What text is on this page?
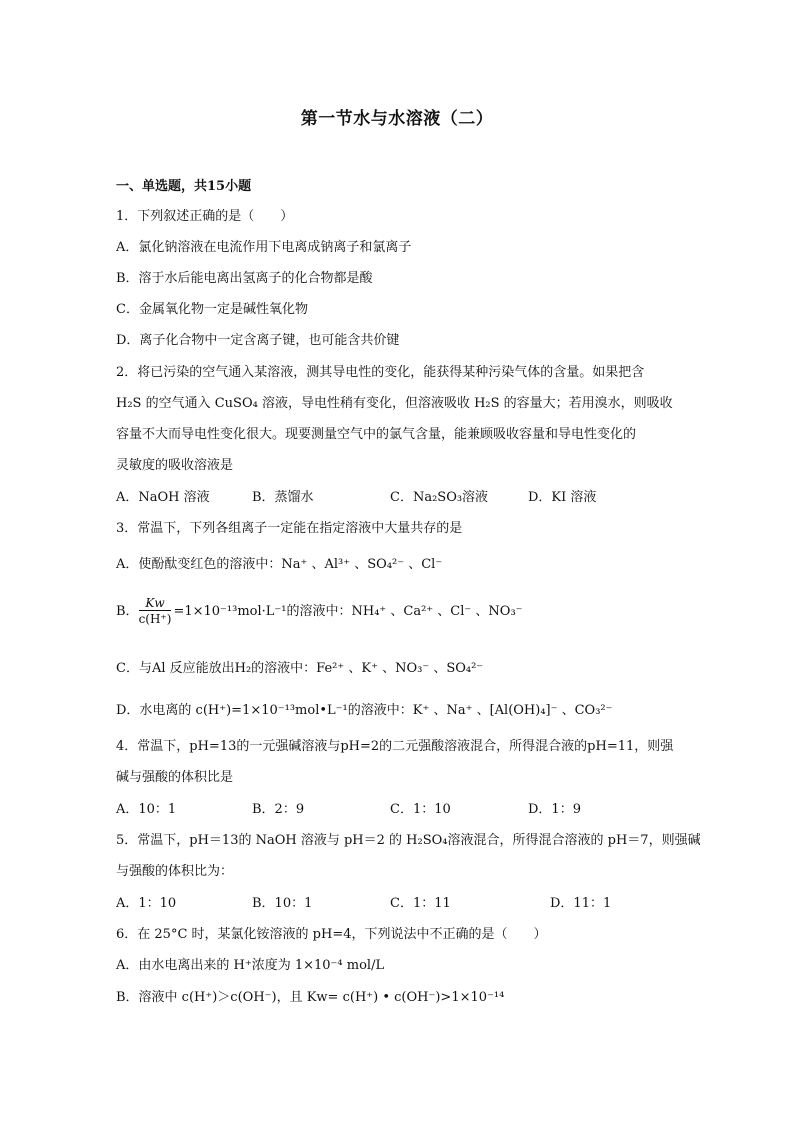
第一节水与水溶液（二）
一、单选题，共15小题
1．下列叙述正确的是（　　）
A．氯化钠溶液在电流作用下电离成钠离子和氯离子
B．溶于水后能电离出氢离子的化合物都是酸
C．金属氧化物一定是碱性氧化物
D．离子化合物中一定含离子键，也可能含共价键
2．将已污染的空气通入某溶液，测其导电性的变化，能获得某种污染气体的含量。如果把含
H₂S 的空气通入 CuSO₄ 溶液，导电性稍有变化，但溶液吸收 H₂S 的容量大；若用溴水，则吸收
容量不大而导电性变化很大。现要测量空气中的氯气含量，能兼顾吸收容量和导电性变化的
灵敏度的吸收溶液是
A．NaOH 溶液	B．蒸馏水	C．Na₂SO₃溶液	D．KI 溶液
3．常温下，下列各组离子一定能在指定溶液中大量共存的是
A．使酚酞变红色的溶液中：Na⁺ 、Al³⁺ 、SO₄²⁻ 、Cl⁻
B． $\frac{Kw}{c(H^+)} =1\times 10^{-13}mol\cdot L^{-1}$的溶液中：NH₄⁺ 、Ca²⁺ 、Cl⁻ 、NO₃⁻
C．与Al 反应能放出H₂的溶液中：Fe²⁺ 、K⁺ 、NO₃⁻ 、SO₄²⁻
D．水电离的 c(H⁺)=1×10⁻¹³mol•L⁻¹的溶液中：K⁺ 、Na⁺ 、[Al(OH)₄]⁻ 、CO₃²⁻
4．常温下，pH=13的一元强碱溶液与pH=2的二元强酸溶液混合，所得混合液的pH=11，则强
碱与强酸的体积比是
A．10：1	B．2：9	C．1：10	D．1：9
5．常温下，pH＝13的 NaOH 溶液与 pH＝2 的 H₂SO₄溶液混合，所得混合溶液的 pH＝7，则强碱
与强酸的体积比为：
A．1：10	B．10：1	C．1：11	D．11：1
6．在 25°C 时，某氯化铵溶液的 pH=4，下列说法中不正确的是（　　）
A．由水电离出来的 H⁺浓度为 1×10⁻⁴ mol/L
B．溶液中 c(H⁺)＞c(OH⁻)，且 Kw= c(H⁺) • c(OH⁻)>1×10⁻¹⁴
